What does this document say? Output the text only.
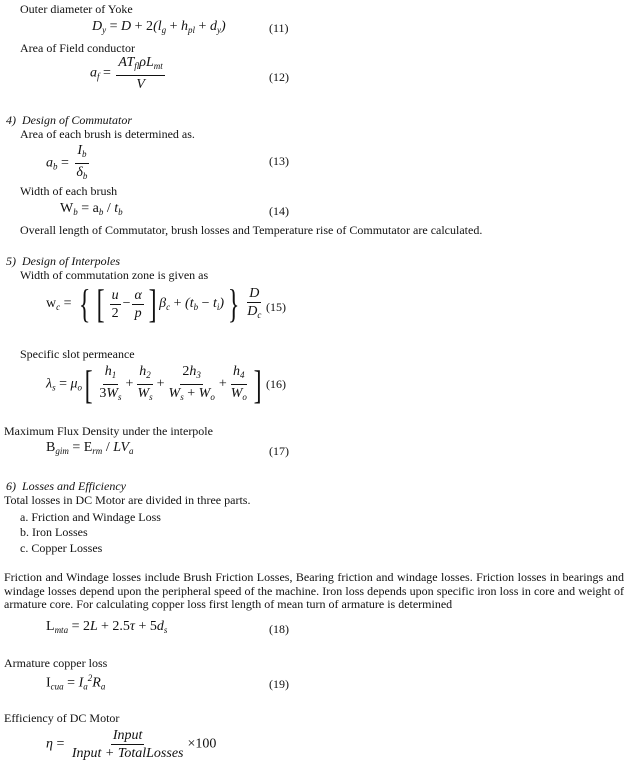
Outer diameter of Yoke
$D_y = D + 2(l_g + h_{pl} + d_y)$	(11)
Area of Field conductor
$a_f = \frac{AT_{fl}\rho L_{mt}}{V}$	(12)
4)  Design of Commutator
Area of each brush is determined as.
$a_b = \frac{I_b}{\delta_b}$	(13)
Width of each brush
$W_b = a_b / t_b$	(14)
Overall length of Commutator, brush losses and Temperature rise of Commutator are calculated.
5)  Design of Interpoles
Width of commutation zone is given as
$w_c$ = { [ $\frac{u}{2} - \frac{\alpha}{p}$ ] $\beta_c + (t_b - t_i)\} \frac{D}{D_c} (15)$
Specific slot permeance
$\lambda_s = \mu_o[ \frac{h_1}{3W_s} + \frac{h_2}{W_s} + \frac{2h_3}{W_s + W_o} + \frac{h_4}{W_o}$ ] (16)
Maximum Flux Density under the interpole
$B_{gim} = E_{rm} / LV_a$	(17)
6)  Losses and Efficiency
Total losses in DC Motor are divided in three parts.
a. Friction and Windage Loss
b. Iron Losses
c. Copper Losses
Friction and Windage losses include Brush Friction Losses, Bearing friction and windage losses. Friction losses in bearings and windage losses depend upon the peripheral speed of the machine. Iron loss depends upon specific iron loss in core and weight of armature core. For calculating copper loss first length of mean turn of armature is determined
$L_{mta} = 2L + 2.5\tau + 5d_s$	(18)
Armature copper loss
$I_{cua} = I_a^2R_a$	(19)
Efficiency of DC Motor
$\eta = \frac{\text{Input}}{\text{Input + TotalLosses}} \times 100$
